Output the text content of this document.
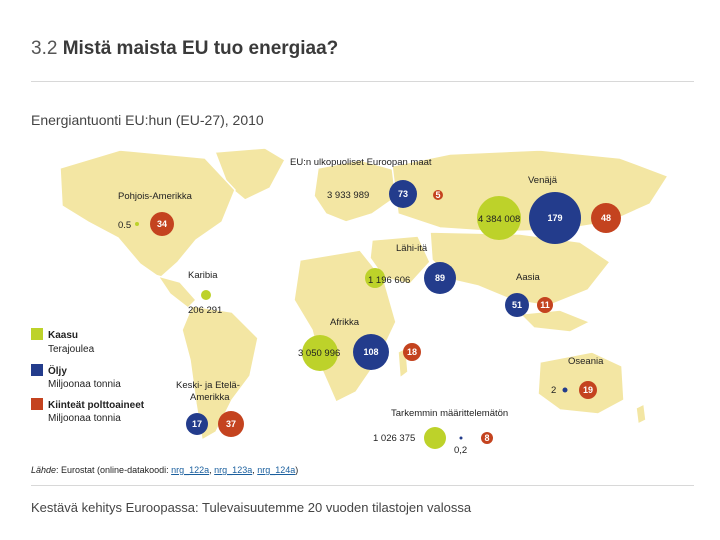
3.2 Mistä maista EU tuo energiaa?
Energiantuonti EU:hun (EU-27), 2010
EU:n ulkopuoliset Euroopan maat
Venäjä
Pohjois-Amerikka
Lähi-itä
Karibia	Aasia
Afrikka
Oseania
Keski- ja Etelä-
Amerikka
Tarkemmin määrittelemätön
3 933 989	73	5
4 384 008	179	48
0.5	34
1 196 606	89
206 291	51 11
3 050 996	108	18
2	19
17	37
1 026 375
0,2
8
Kaasu
Terajoulea
Öljy
Miljoonaa tonnia
Kiinteät polttoaineet
Miljoonaa tonnia
Lähde: Eurostat (online-datakoodi: nrg_122a, nrg_123a, nrg_124a)
Kestävä kehitys Euroopassa: Tulevaisuutemme 20 vuoden tilastojen valossa
